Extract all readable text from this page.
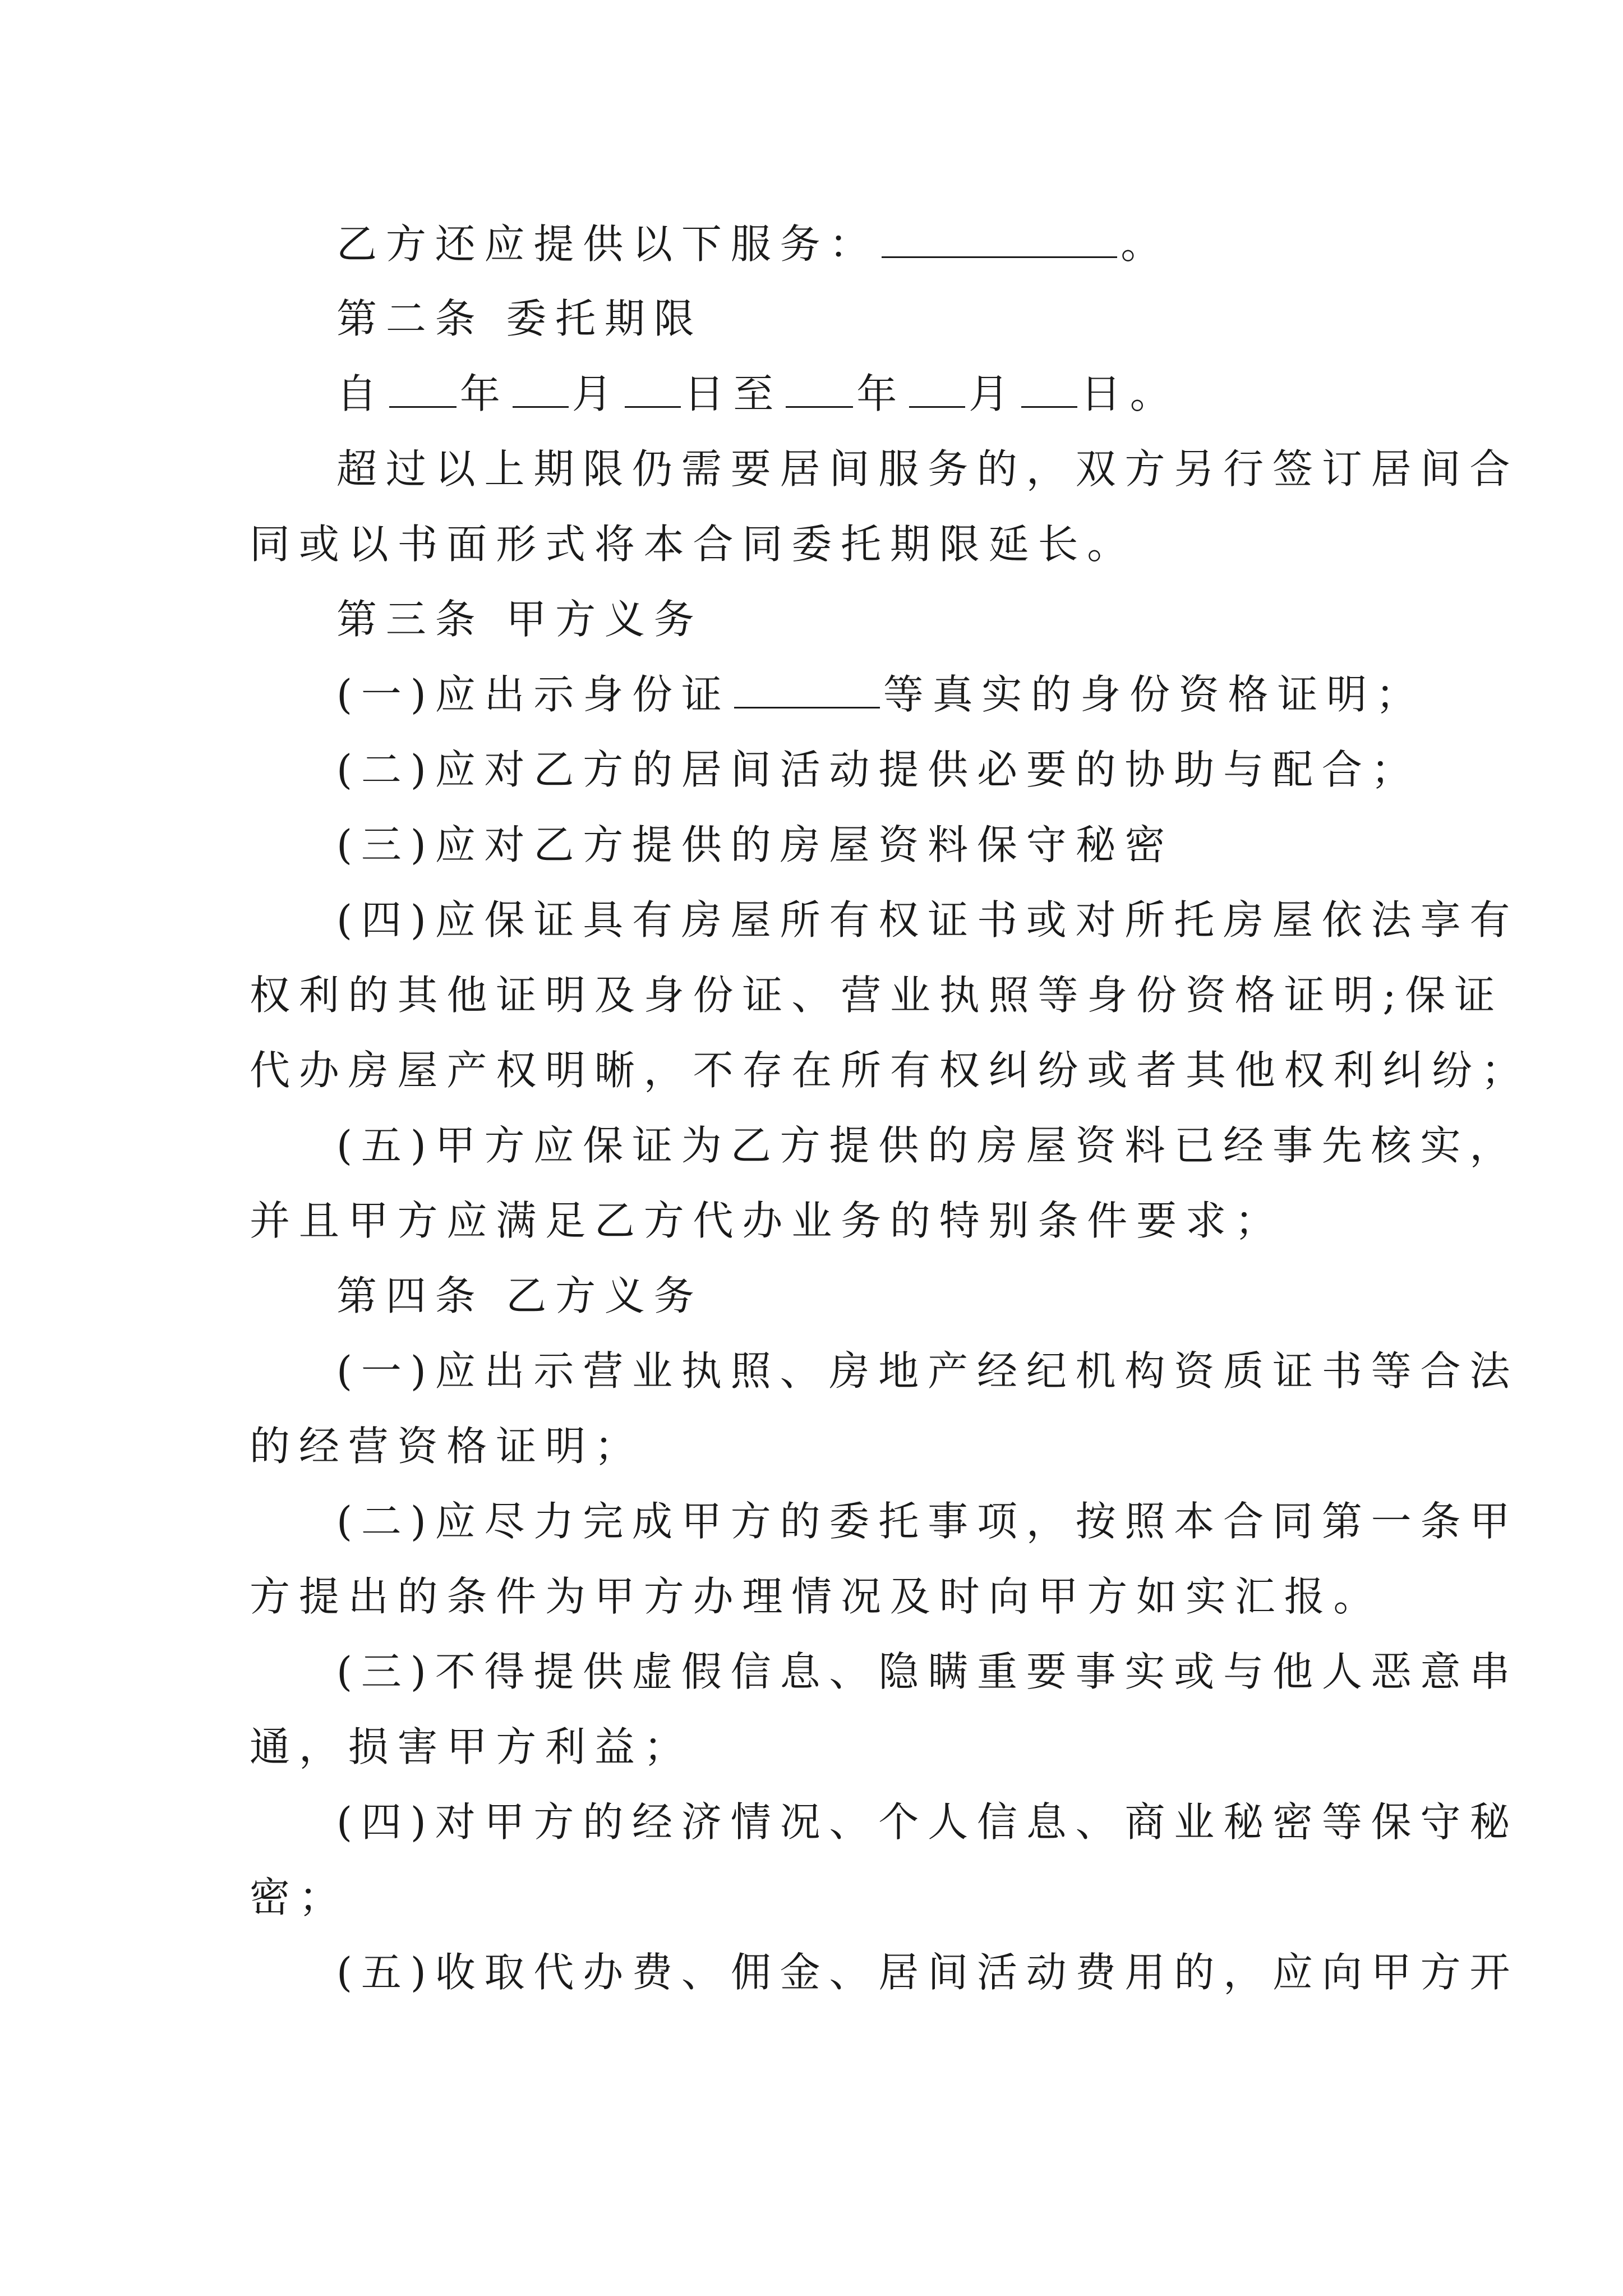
乙方还应提供以下服务：	。
第二条 委托期限
自 年 月 日至 年 月 日。
超过以上期限仍需要居间服务的，双方另行签订居间合
同或以书面形式将本合同委托期限延长。
第三条 甲方义务
(一)应出示身份证	等真实的身份资格证明；
(二)应对乙方的居间活动提供必要的协助与配合；
(三)应对乙方提供的房屋资料保守秘密
(四)应保证具有房屋所有权证书或对所托房屋依法享有
权利的其他证明及身份证、营业执照等身份资格证明;保证
代办房屋产权明晰，不存在所有权纠纷或者其他权利纠纷；
(五)甲方应保证为乙方提供的房屋资料已经事先核实，
并且甲方应满足乙方代办业务的特别条件要求；
第四条 乙方义务
(一)应出示营业执照、房地产经纪机构资质证书等合法
的经营资格证明；
(二)应尽力完成甲方的委托事项，按照本合同第一条甲
方提出的条件为甲方办理情况及时向甲方如实汇报。
(三)不得提供虚假信息、隐瞒重要事实或与他人恶意串
通，损害甲方利益；
(四)对甲方的经济情况、个人信息、商业秘密等保守秘
密；
(五)收取代办费、佣金、居间活动费用的，应向甲方开
